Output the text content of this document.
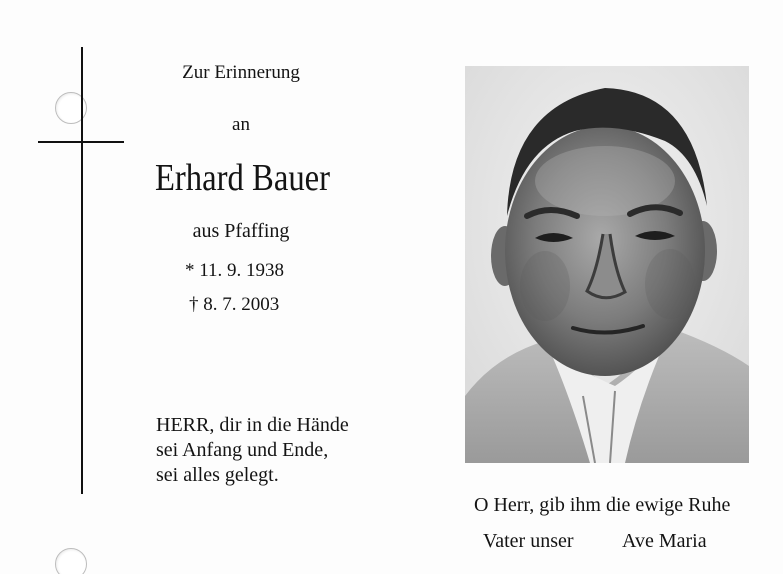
Zur Erinnerung
an
Erhard Bauer
aus Pfaffing
* 11. 9. 1938
† 8. 7. 2003
HERR, dir in die Hände
sei Anfang und Ende,
sei alles gelegt.
O Herr, gib ihm die ewige Ruhe
Vater unser Ave Maria
